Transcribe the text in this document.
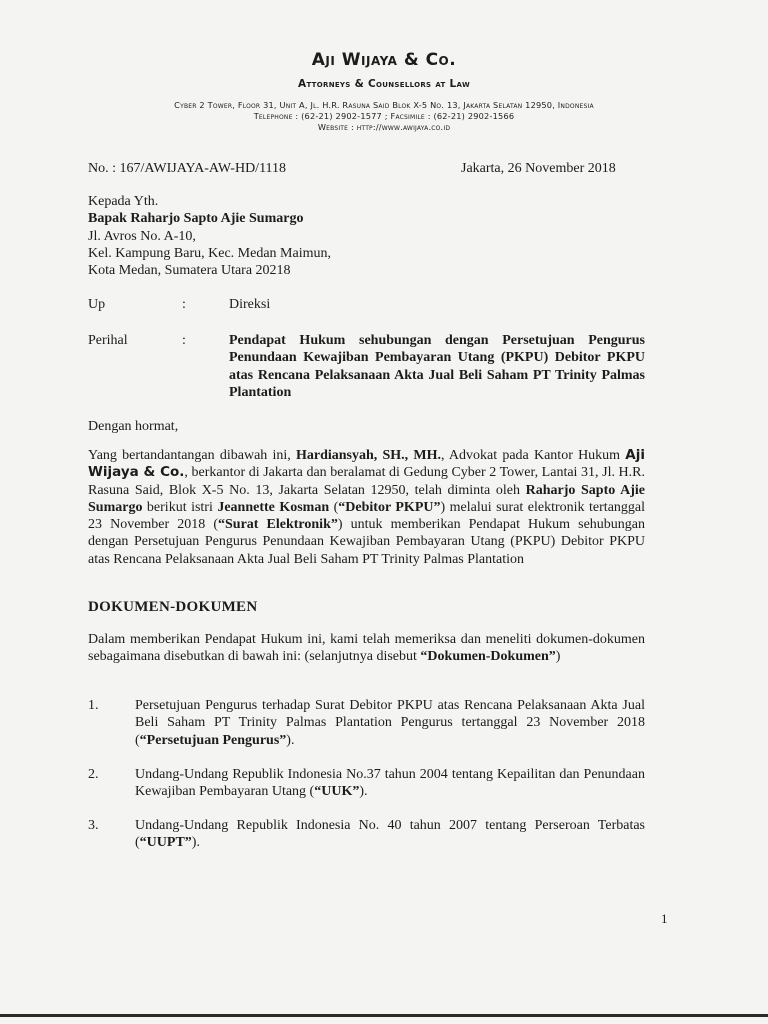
Aji Wijaya & Co.
Attorneys & Counsellors at Law
Cyber 2 Tower, Floor 31, Unit A, Jl. H.R. Rasuna Said Blok X-5 No. 13, Jakarta Selatan 12950, Indonesia
Telephone : (62-21) 2902-1577 ; Facsimile : (62-21) 2902-1566
Website : http://www.awijaya.co.id
No. : 167/AWIJAYA-AW-HD/1118	Jakarta, 26 November 2018
Kepada Yth.
Bapak Raharjo Sapto Ajie Sumargo
Jl. Avros No. A-10,
Kel. Kampung Baru, Kec. Medan Maimun,
Kota Medan, Sumatera Utara 20218
Up	:	Direksi
Perihal	:	Pendapat Hukum sehubungan dengan Persetujuan Pengurus Penundaan Kewajiban Pembayaran Utang (PKPU) Debitor PKPU atas Rencana Pelaksanaan Akta Jual Beli Saham PT Trinity Palmas Plantation
Dengan hormat,
Yang bertandantangan dibawah ini, Hardiansyah, SH., MH., Advokat pada Kantor Hukum Aji Wijaya & Co., berkantor di Jakarta dan beralamat di Gedung Cyber 2 Tower, Lantai 31, Jl. H.R. Rasuna Said, Blok X-5 No. 13, Jakarta Selatan 12950, telah diminta oleh Raharjo Sapto Ajie Sumargo berikut istri Jeannette Kosman (“Debitor PKPU”) melalui surat elektronik tertanggal 23 November 2018 (“Surat Elektronik”) untuk memberikan Pendapat Hukum sehubungan dengan Persetujuan Pengurus Penundaan Kewajiban Pembayaran Utang (PKPU) Debitor PKPU atas Rencana Pelaksanaan Akta Jual Beli Saham PT Trinity Palmas Plantation
DOKUMEN-DOKUMEN
Dalam memberikan Pendapat Hukum ini, kami telah memeriksa dan meneliti dokumen-dokumen sebagaimana disebutkan di bawah ini: (selanjutnya disebut “Dokumen-Dokumen”)
1.	Persetujuan Pengurus terhadap Surat Debitor PKPU atas Rencana Pelaksanaan Akta Jual Beli Saham PT Trinity Palmas Plantation Pengurus tertanggal 23 November 2018 (“Persetujuan Pengurus”).
2.	Undang-Undang Republik Indonesia No.37 tahun 2004 tentang Kepailitan dan Penundaan Kewajiban Pembayaran Utang (“UUK”).
3.	Undang-Undang Republik Indonesia No. 40 tahun 2007 tentang Perseroan Terbatas (“UUPT”).
1
